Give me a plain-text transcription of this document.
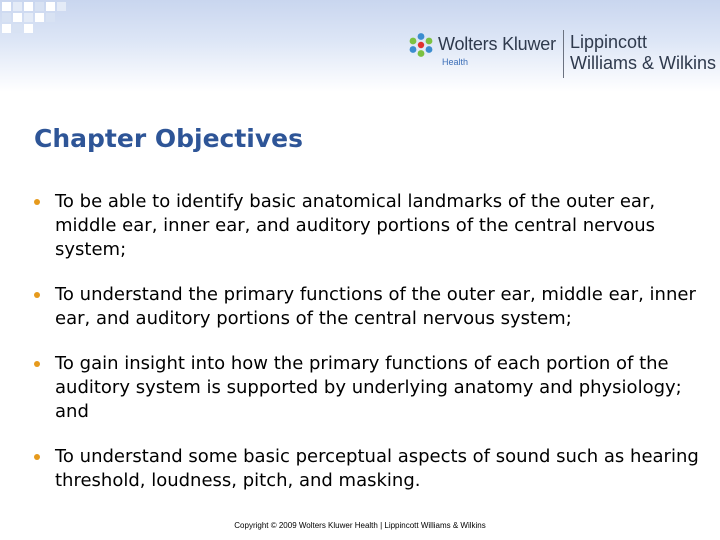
Wolters Kluwer
Health
Lippincott
Williams & Wilkins
Chapter Objectives
To be able to identify basic anatomical landmarks of the outer ear, middle ear, inner ear, and auditory portions of the central nervous system;
To understand the primary functions of the outer ear, middle ear, inner ear, and auditory portions of the central nervous system;
To gain insight into how the primary functions of each portion of the auditory system is supported by underlying anatomy and physiology; and
To understand some basic perceptual aspects of sound such as hearing threshold, loudness, pitch, and masking.
Copyright © 2009 Wolters Kluwer Health | Lippincott Williams & Wilkins
